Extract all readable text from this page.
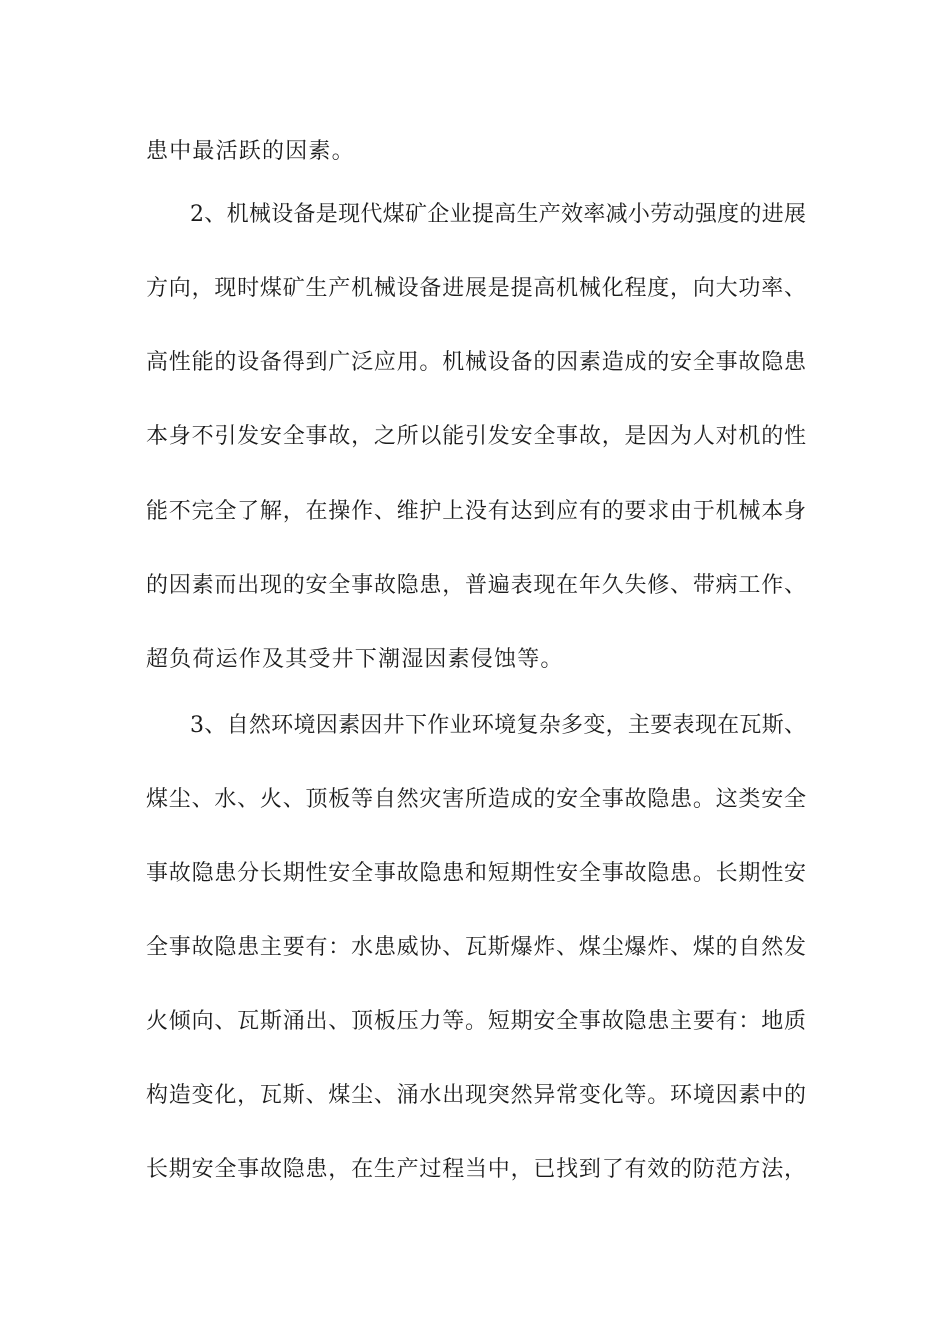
患中最活跃的因素。
2、机械设备是现代煤矿企业提高生产效率减小劳动强度的进展
方向，现时煤矿生产机械设备进展是提高机械化程度，向大功率、
高性能的设备得到广泛应用。机械设备的因素造成的安全事故隐患
本身不引发安全事故，之所以能引发安全事故，是因为人对机的性
能不完全了解，在操作、维护上没有达到应有的要求由于机械本身
的因素而出现的安全事故隐患，普遍表现在年久失修、带病工作、
超负荷运作及其受井下潮湿因素侵蚀等。
3、自然环境因素因井下作业环境复杂多变，主要表现在瓦斯、
煤尘、水、火、顶板等自然灾害所造成的安全事故隐患。这类安全
事故隐患分长期性安全事故隐患和短期性安全事故隐患。长期性安
全事故隐患主要有：水患威协、瓦斯爆炸、煤尘爆炸、煤的自然发
火倾向、瓦斯涌出、顶板压力等。短期安全事故隐患主要有：地质
构造变化，瓦斯、煤尘、涌水出现突然异常变化等。环境因素中的
长期安全事故隐患，在生产过程当中，已找到了有效的防范方法，
